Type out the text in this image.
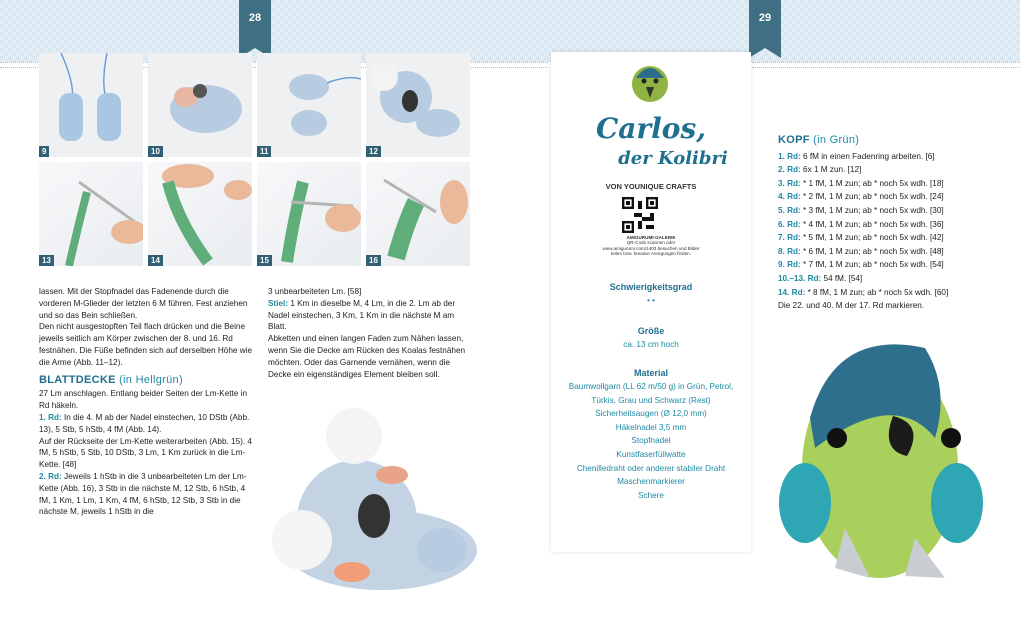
28	29
9	10	11	12
13	14	15	16

lassen. Mit der Stopfnadel das Fadenende durch die vorderen M-Glieder der letzten 6 M führen. Fest anziehen und so das Bein schließen.

Den nicht ausgestopften Teil flach drücken und die Beine jeweils seitlich am Körper zwischen der 8. und 16. Rd festnähen. Die Füße befinden sich auf derselben Höhe wie die Arme (Abb. 11–12).

BLATTDECKE (in Hellgrün)

27 Lm anschlagen. Entlang beider Seiten der Lm-Kette in Rd häkeln.

1. Rd: In die 4. M ab der Nadel einstechen, 10 DStb (Abb. 13), 5 Stb, 5 hStb, 4 fM (Abb. 14).

Auf der Rückseite der Lm-Kette weiterarbeiten (Abb. 15). 4 fM, 5 hStb, 5 Stb, 10 DStb, 3 Lm, 1 Km zurück in die Lm-Kette. [48]

2. Rd: Jeweils 1 hStb in die 3 unbearbeiteten Lm der Lm-Kette (Abb. 16), 3 Stb in die nächste M, 12 Stb, 6 hStb, 4 fM, 1 Km, 1 Lm, 1 Km, 4 fM, 6 hStb, 12 Stb, 3 Stb in die nächste M, jeweils 1 hStb in die

3 unbearbeiteten Lm. [58]

Stiel: 1 Km in dieselbe M, 4 Lm, in die 2. Lm ab der Nadel einstechen, 3 Km, 1 Km in die nächste M am Blatt.

Abketten und einen langen Faden zum Nähen lassen, wenn Sie die Decke am Rücken des Koalas festnähen möchten. Oder das Garnende vernähen, wenn die Decke ein eigenständiges Element bleiben soll.

Carlos,
der Kolibri
VON YOUNIQUE CRAFTS
AMIGURUMI-GALERIE
QR-Code scannen oder
www.amigurumi.com/1403 besuchen und Bilder
teilen bzw. kreative Anregungen finden.
Schwierigkeitsgrad
• •
Größe
ca. 13 cm hoch
Material
Baumwollgarn (LL 62 m/50 g) in Grün, Petrol,
Türkis, Grau und Schwarz (Rest)
Sicherheitsaugen (Ø 12,0 mm)
Häkelnadel 3,5 mm
Stopfnadel
Kunstfaserfüllwatte
Chenilledraht oder anderer stabiler Draht
Maschenmarkierer
Schere
KOPF (in Grün)

1. Rd: 6 fM in einen Fadenring arbeiten. [6]

2. Rd: 6x 1 M zun. [12]

3. Rd: * 1 fM, 1 M zun; ab * noch 5x wdh. [18]

4. Rd: * 2 fM, 1 M zun; ab * noch 5x wdh. [24]

5. Rd: * 3 fM, 1 M zun; ab * noch 5x wdh. [30]

6. Rd: * 4 fM, 1 M zun; ab * noch 5x wdh. [36]

7. Rd: * 5 fM, 1 M zun; ab * noch 5x wdh. [42]

8. Rd: * 6 fM, 1 M zun; ab * noch 5x wdh. [48]

9. Rd: * 7 fM, 1 M zun; ab * noch 5x wdh. [54]

10.–13. Rd: 54 fM. [54]

14. Rd: * 8 fM, 1 M zun; ab * noch 5x wdh. [60]

Die 22. und 40. M der 17. Rd markieren.
